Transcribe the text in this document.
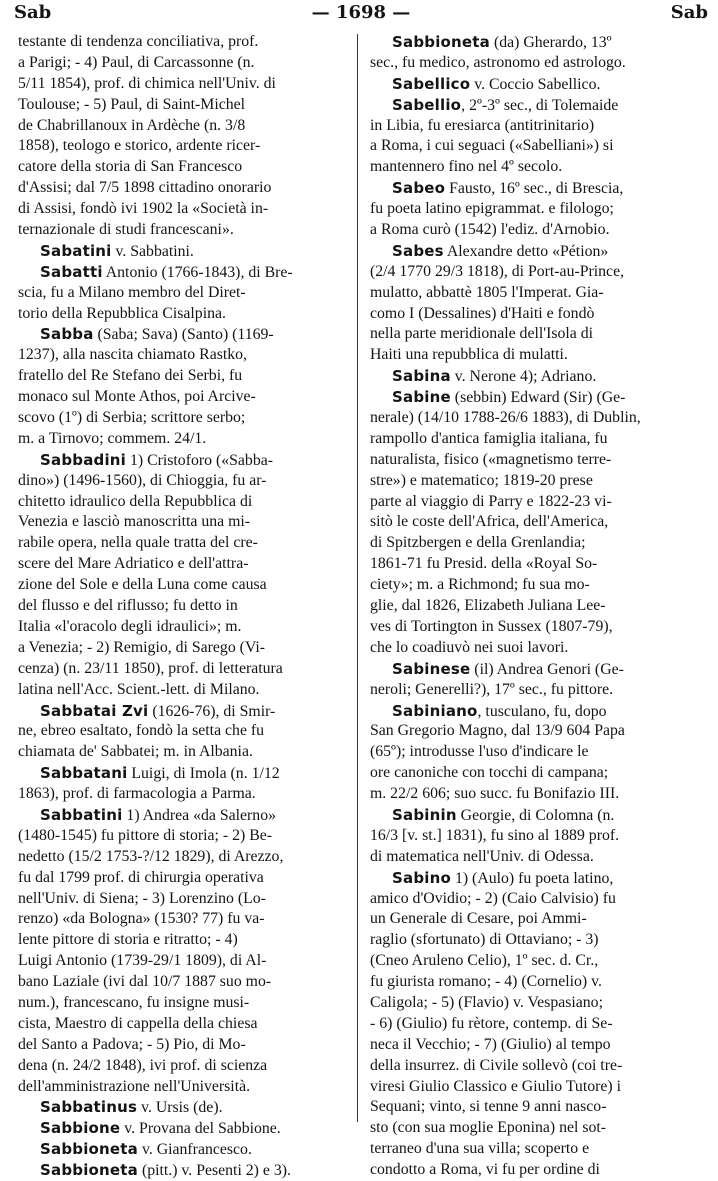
Sab	— 1698 —	Sab
testante di tendenza conciliativa, prof.
a Parigi; - 4) Paul, di Carcassonne (n.
5/11 1854), prof. di chimica nell'Univ. di
Toulouse; - 5) Paul, di Saint-Michel
de Chabrillanoux in Ardèche (n. 3/8
1858), teologo e storico, ardente ricer-
catore della storia di San Francesco
d'Assisi; dal 7/5 1898 cittadino onorario
di Assisi, fondò ivi 1902 la «Società in-
ternazionale di studi francescani».
Sabatini v. Sabbatini.
Sabatti Antonio (1766-1843), di Bre-
scia, fu a Milano membro del Diret-
torio della Repubblica Cisalpina.
Sabba (Saba; Sava) (Santo) (1169-
1237), alla nascita chiamato Rastko,
fratello del Re Stefano dei Serbi, fu
monaco sul Monte Athos, poi Arcive-
scovo (1º) di Serbia; scrittore serbo;
m. a Tirnovo; commem. 24/1.
Sabbadini 1) Cristoforo («Sabba-
dino») (1496-1560), di Chioggia, fu ar-
chitetto idraulico della Repubblica di
Venezia e lasciò manoscritta una mi-
rabile opera, nella quale tratta del cre-
scere del Mare Adriatico e dell'attra-
zione del Sole e della Luna come causa
del flusso e del riflusso; fu detto in
Italia «l'oracolo degli idraulici»; m.
a Venezia; - 2) Remigio, di Sarego (Vi-
cenza) (n. 23/11 1850), prof. di letteratura
latina nell'Acc. Scient.-lett. di Milano.
Sabbatai Zvi (1626-76), di Smir-
ne, ebreo esaltato, fondò la setta che fu
chiamata de' Sabbatei; m. in Albania.
Sabbatani Luigi, di Imola (n. 1/12
1863), prof. di farmacologia a Parma.
Sabbatini 1) Andrea «da Salerno»
(1480-1545) fu pittore di storia; - 2) Be-
nedetto (15/2 1753-?/12 1829), di Arezzo,
fu dal 1799 prof. di chirurgia operativa
nell'Univ. di Siena; - 3) Lorenzino (Lo-
renzo) «da Bologna» (1530? 77) fu va-
lente pittore di storia e ritratto; - 4)
Luigi Antonio (1739-29/1 1809), di Al-
bano Laziale (ivi dal 10/7 1887 suo mo-
num.), francescano, fu insigne musi-
cista, Maestro di cappella della chiesa
del Santo a Padova; - 5) Pio, di Mo-
dena (n. 24/2 1848), ivi prof. di scienza
dell'amministrazione nell'Università.
Sabbatinus v. Ursis (de).
Sabbione v. Provana del Sabbione.
Sabbioneta v. Gianfrancesco.
Sabbioneta (pitt.) v. Pesenti 2) e 3).
Sabbioneta (da) Gherardo, 13º
sec., fu medico, astronomo ed astrologo.
Sabellico v. Coccio Sabellico.
Sabellio, 2º-3º sec., di Tolemaide
in Libia, fu eresiarca (antitrinitario)
a Roma, i cui seguaci («Sabelliani») si
mantennero fino nel 4º secolo.
Sabeo Fausto, 16º sec., di Brescia,
fu poeta latino epigrammat. e filologo;
a Roma curò (1542) l'ediz. d'Arnobio.
Sabes Alexandre detto «Pétion»
(2/4 1770 29/3 1818), di Port-au-Prince,
mulatto, abbattè 1805 l'Imperat. Gia-
como I (Dessalines) d'Haiti e fondò
nella parte meridionale dell'Isola di
Haiti una repubblica di mulatti.
Sabina v. Nerone 4); Adriano.
Sabine (sebbin) Edward (Sir) (Ge-
nerale) (14/10 1788-26/6 1883), di Dublin,
rampollo d'antica famiglia italiana, fu
naturalista, fisico («magnetismo terre-
stre») e matematico; 1819-20 prese
parte al viaggio di Parry e 1822-23 vi-
sitò le coste dell'Africa, dell'America,
di Spitzbergen e della Grenlandia;
1861-71 fu Presid. della «Royal So-
ciety»; m. a Richmond; fu sua mo-
glie, dal 1826, Elizabeth Juliana Lee-
ves di Tortington in Sussex (1807-79),
che lo coadiuvò nei suoi lavori.
Sabinese (il) Andrea Genori (Ge-
neroli; Generelli?), 17º sec., fu pittore.
Sabiniano, tusculano, fu, dopo
San Gregorio Magno, dal 13/9 604 Papa
(65º); introdusse l'uso d'indicare le
ore canoniche con tocchi di campana;
m. 22/2 606; suo succ. fu Bonifazio III.
Sabinin Georgie, di Colomna (n.
16/3 [v. st.] 1831), fu sino al 1889 prof.
di matematica nell'Univ. di Odessa.
Sabino 1) (Aulo) fu poeta latino,
amico d'Ovidio; - 2) (Caio Calvisio) fu
un Generale di Cesare, poi Ammi-
raglio (sfortunato) di Ottaviano; - 3)
(Cneo Aruleno Celio), 1º sec. d. Cr.,
fu giurista romano; - 4) (Cornelio) v.
Caligola; - 5) (Flavio) v. Vespasiano;
- 6) (Giulio) fu rètore, contemp. di Se-
neca il Vecchio; - 7) (Giulio) al tempo
della insurrez. di Civile sollevò (coi tre-
viresi Giulio Classico e Giulio Tutore) i
Sequani; vinto, si tenne 9 anni nasco-
sto (con sua moglie Eponina) nel sot-
terraneo d'una sua villa; scoperto e
condotto a Roma, vi fu per ordine di
